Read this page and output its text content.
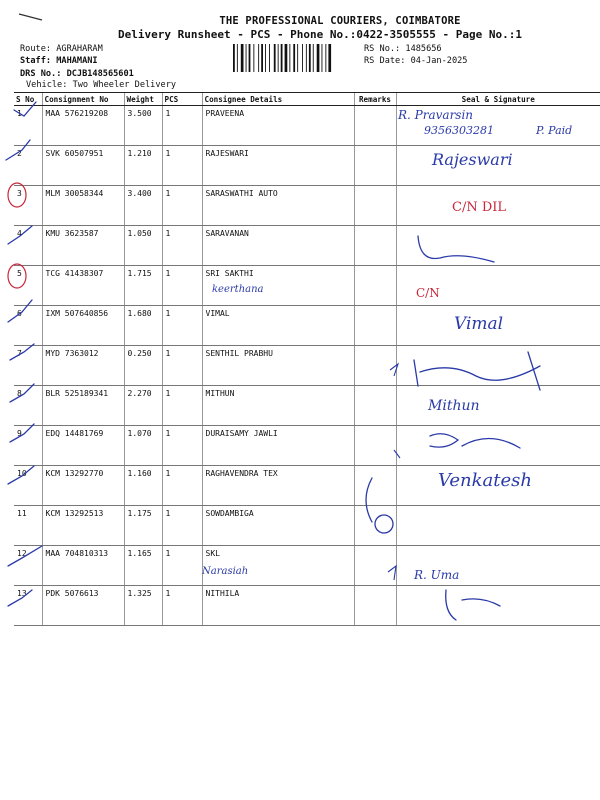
THE PROFESSIONAL COURIERS, COIMBATORE
Delivery Runsheet - PCS - Phone No.:0422-3505555 - Page No.:1
Route: AGRAHARAM
Staff: MAHAMANI
DRS No.: DCJB148565601
Vehicle: Two Wheeler Delivery
RS No.: 1485656
RS Date: 04-Jan-2025
S No	Consignment No	Weight	PCS	Consignee Details	Remarks	Seal & Signature
1	MAA 576219208	3.500	1	PRAVEENA		
2	SVK 60507951	1.210	1	RAJESWARI		
3	MLM 30058344	3.400	1	SARASWATHI AUTO		
4	KMU 3623587	1.050	1	SARAVANAN		
5	TCG 41438307	1.715	1	SRI SAKTHI		
6	IXM 507640856	1.680	1	VIMAL		
7	MYD 7363012	0.250	1	SENTHIL PRABHU		
8	BLR 525189341	2.270	1	MITHUN		
9	EDQ 14481769	1.070	1	DURAISAMY JAWLI		
10	KCM 13292770	1.160	1	RAGHAVENDRA TEX		
11	KCM 13292513	1.175	1	SOWDAMBIGA		
12	MAA 704810313	1.165	1	SKL		
13	PDK 5076613	1.325	1	NITHILA		
R. Pravarsin
9356303281	P. Paid
Rajeswari
C/N DIL
keerthana	C/N
Vimal
Mithun
Venkatesh
Narasiah	R. Uma
